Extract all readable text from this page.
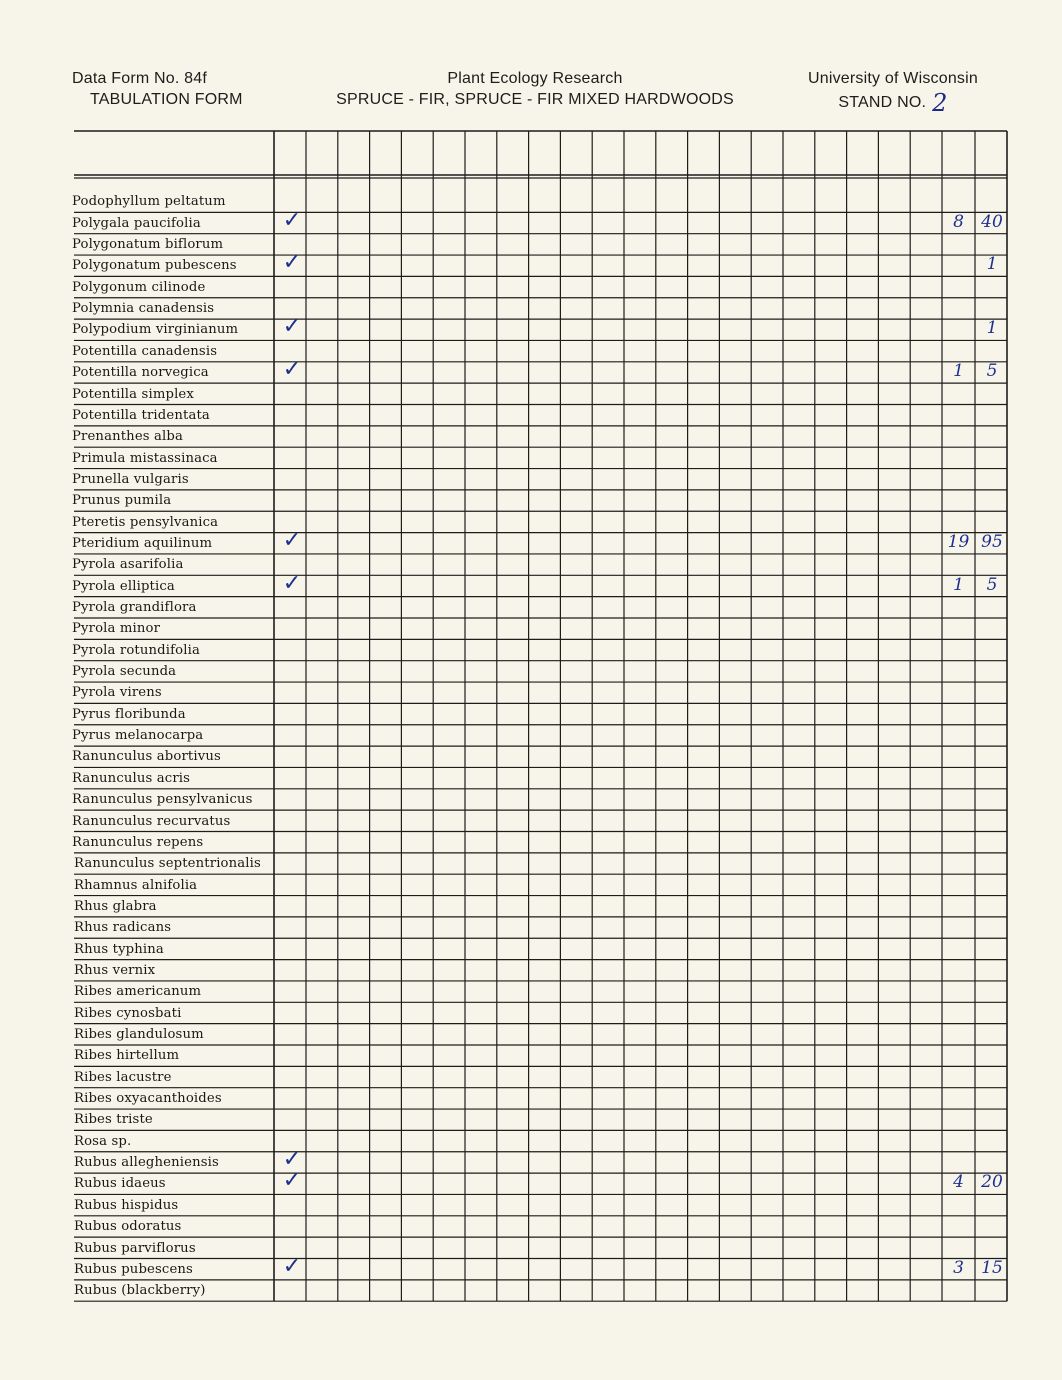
Data Form No. 84f
TABULATION FORM
Plant Ecology Research
SPRUCE - FIR, SPRUCE - FIR MIXED HARDWOODS
University of Wisconsin
STAND NO. 2
Podophyllum peltatum
Polygala paucifolia	✓	8	40
Polygonatum biflorum
Polygonatum pubescens ✓	1
Polygonum cilinode
Polymnia canadensis
Polypodium virginianum ✓	1
Potentilla canadensis
Potentilla norvegica	✓	1	5
Potentilla simplex
Potentilla tridentata
Prenanthes alba
Primula mistassinaca
Prunella vulgaris
Prunus pumila
Pteretis pensylvanica
Pteridium aquilinum	✓	19 95
Pyrola asarifolia
Pyrola elliptica	✓	1	5
Pyrola grandiflora
Pyrola minor
Pyrola rotundifolia
Pyrola secunda
Pyrola virens
Pyrus floribunda
Pyrus melanocarpa
Ranunculus abortivus
Ranunculus acris
Ranunculus pensylvanicus
Ranunculus recurvatus
Ranunculus repens
Ranunculus septentrionalis
Rhamnus alnifolia
Rhus glabra
Rhus radicans
Rhus typhina
Rhus vernix
Ribes americanum
Ribes cynosbati
Ribes glandulosum
Ribes hirtellum
Ribes lacustre
Ribes oxyacanthoides
Ribes triste
Rosa sp.
Rubus allegheniensis	✓
Rubus idaeus	✓	4	20
Rubus hispidus
Rubus odoratus
Rubus parviflorus
Rubus pubescens	✓	3	15
Rubus (blackberry)
